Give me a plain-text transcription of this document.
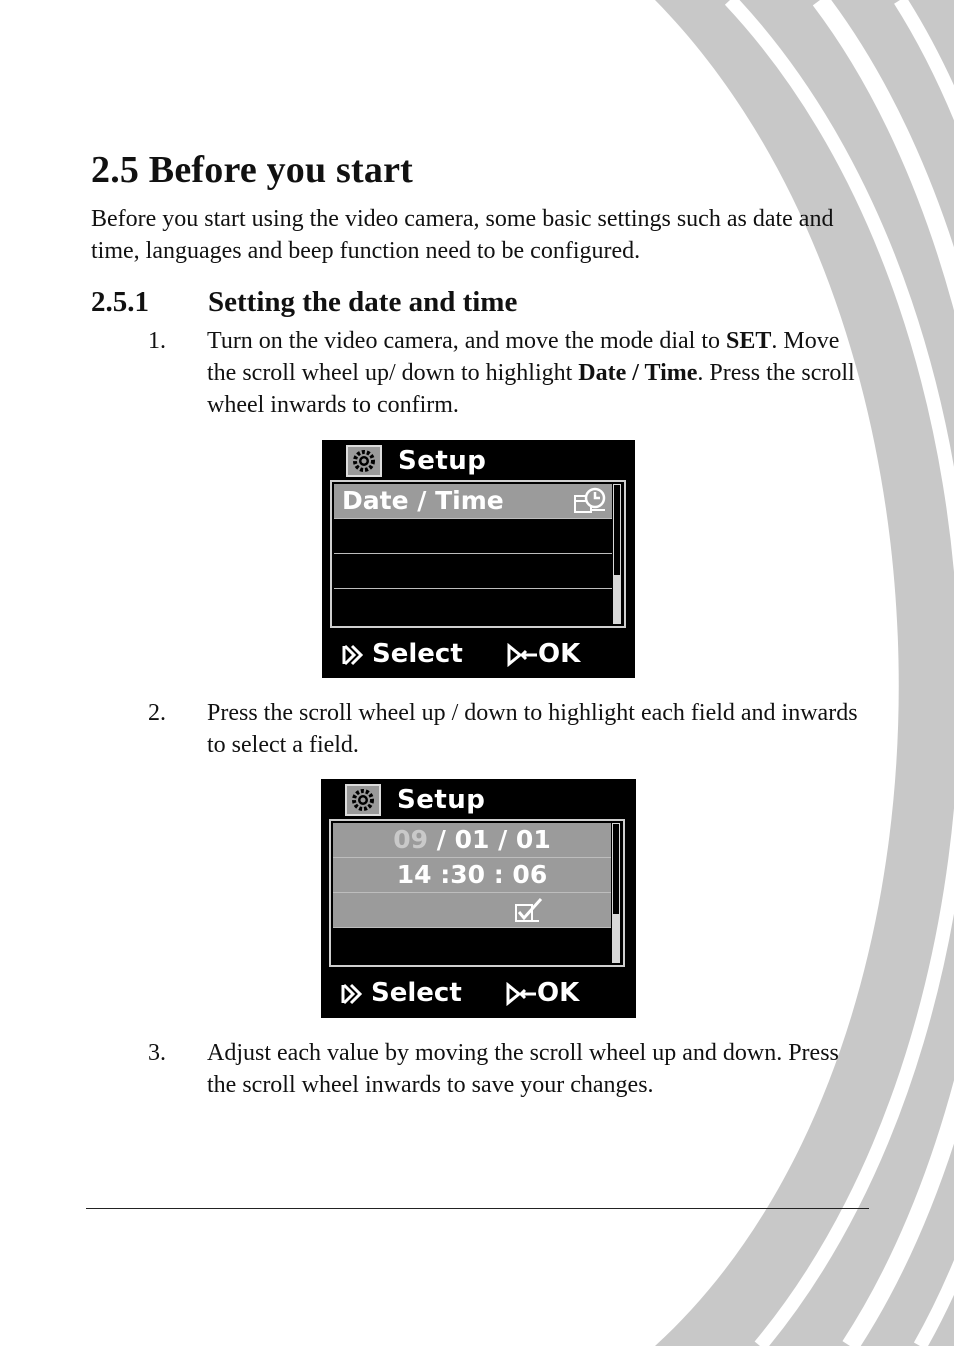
2.5 Before you start

Before you start using the video camera, some basic settings such as date and time, languages and beep function need to be configured.

2.5.1 Setting the date and time
1. Turn on the video camera, and move the mode dial to SET. Move the scroll wheel up/ down to highlight Date / Time. Press the scroll wheel inwards to confirm.
Setup
Date / Time
Select	OK
2. Press the scroll wheel up / down to highlight each field and inwards to select a field.
Setup
09 / 01 / 01
14 :30 : 06
Select	OK
3. Adjust each value by moving the scroll wheel up and down. Press the scroll wheel inwards to save your changes.
